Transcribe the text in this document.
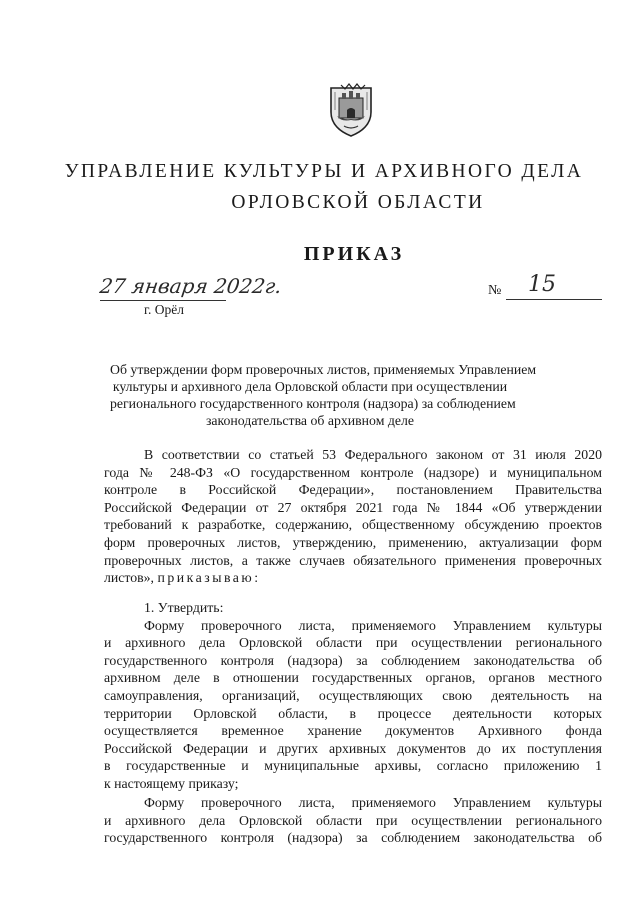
УПРАВЛЕНИЕ КУЛЬТУРЫ И АРХИВНОГО ДЕЛА
ОРЛОВСКОЙ ОБЛАСТИ
ПРИКАЗ
27 января 2022г.
г. Орёл
№ 15
Об утверждении форм проверочных листов, применяемых Управлением
культуры и архивного дела Орловской области при осуществлении
регионального государственного контроля (надзора) за соблюдением
законодательства об архивном деле
В соответствии со статьей 53 Федерального законом от 31 июля 2020
года № 248-ФЗ «О государственном контроле (надзоре) и муниципальном
контроле в Российской Федерации», постановлением Правительства
Российской Федерации от 27 октября 2021 года № 1844 «Об утверждении
требований к разработке, содержанию, общественному обсуждению проектов
форм проверочных листов, утверждению, применению, актуализации форм
проверочных листов, а также случаев обязательного применения проверочных
листов», приказываю:
1. Утвердить:
Форму проверочного листа, применяемого Управлением культуры
и архивного дела Орловской области при осуществлении регионального
государственного контроля (надзора) за соблюдением законодательства об
архивном деле в отношении государственных органов, органов местного
самоуправления, организаций, осуществляющих свою деятельность на
территории Орловской области, в процессе деятельности которых
осуществляется временное хранение документов Архивного фонда
Российской Федерации и других архивных документов до их поступления
в государственные и муниципальные архивы, согласно приложению 1
к настоящему приказу;
Форму проверочного листа, применяемого Управлением культуры
и архивного дела Орловской области при осуществлении регионального
государственного контроля (надзора) за соблюдением законодательства об
